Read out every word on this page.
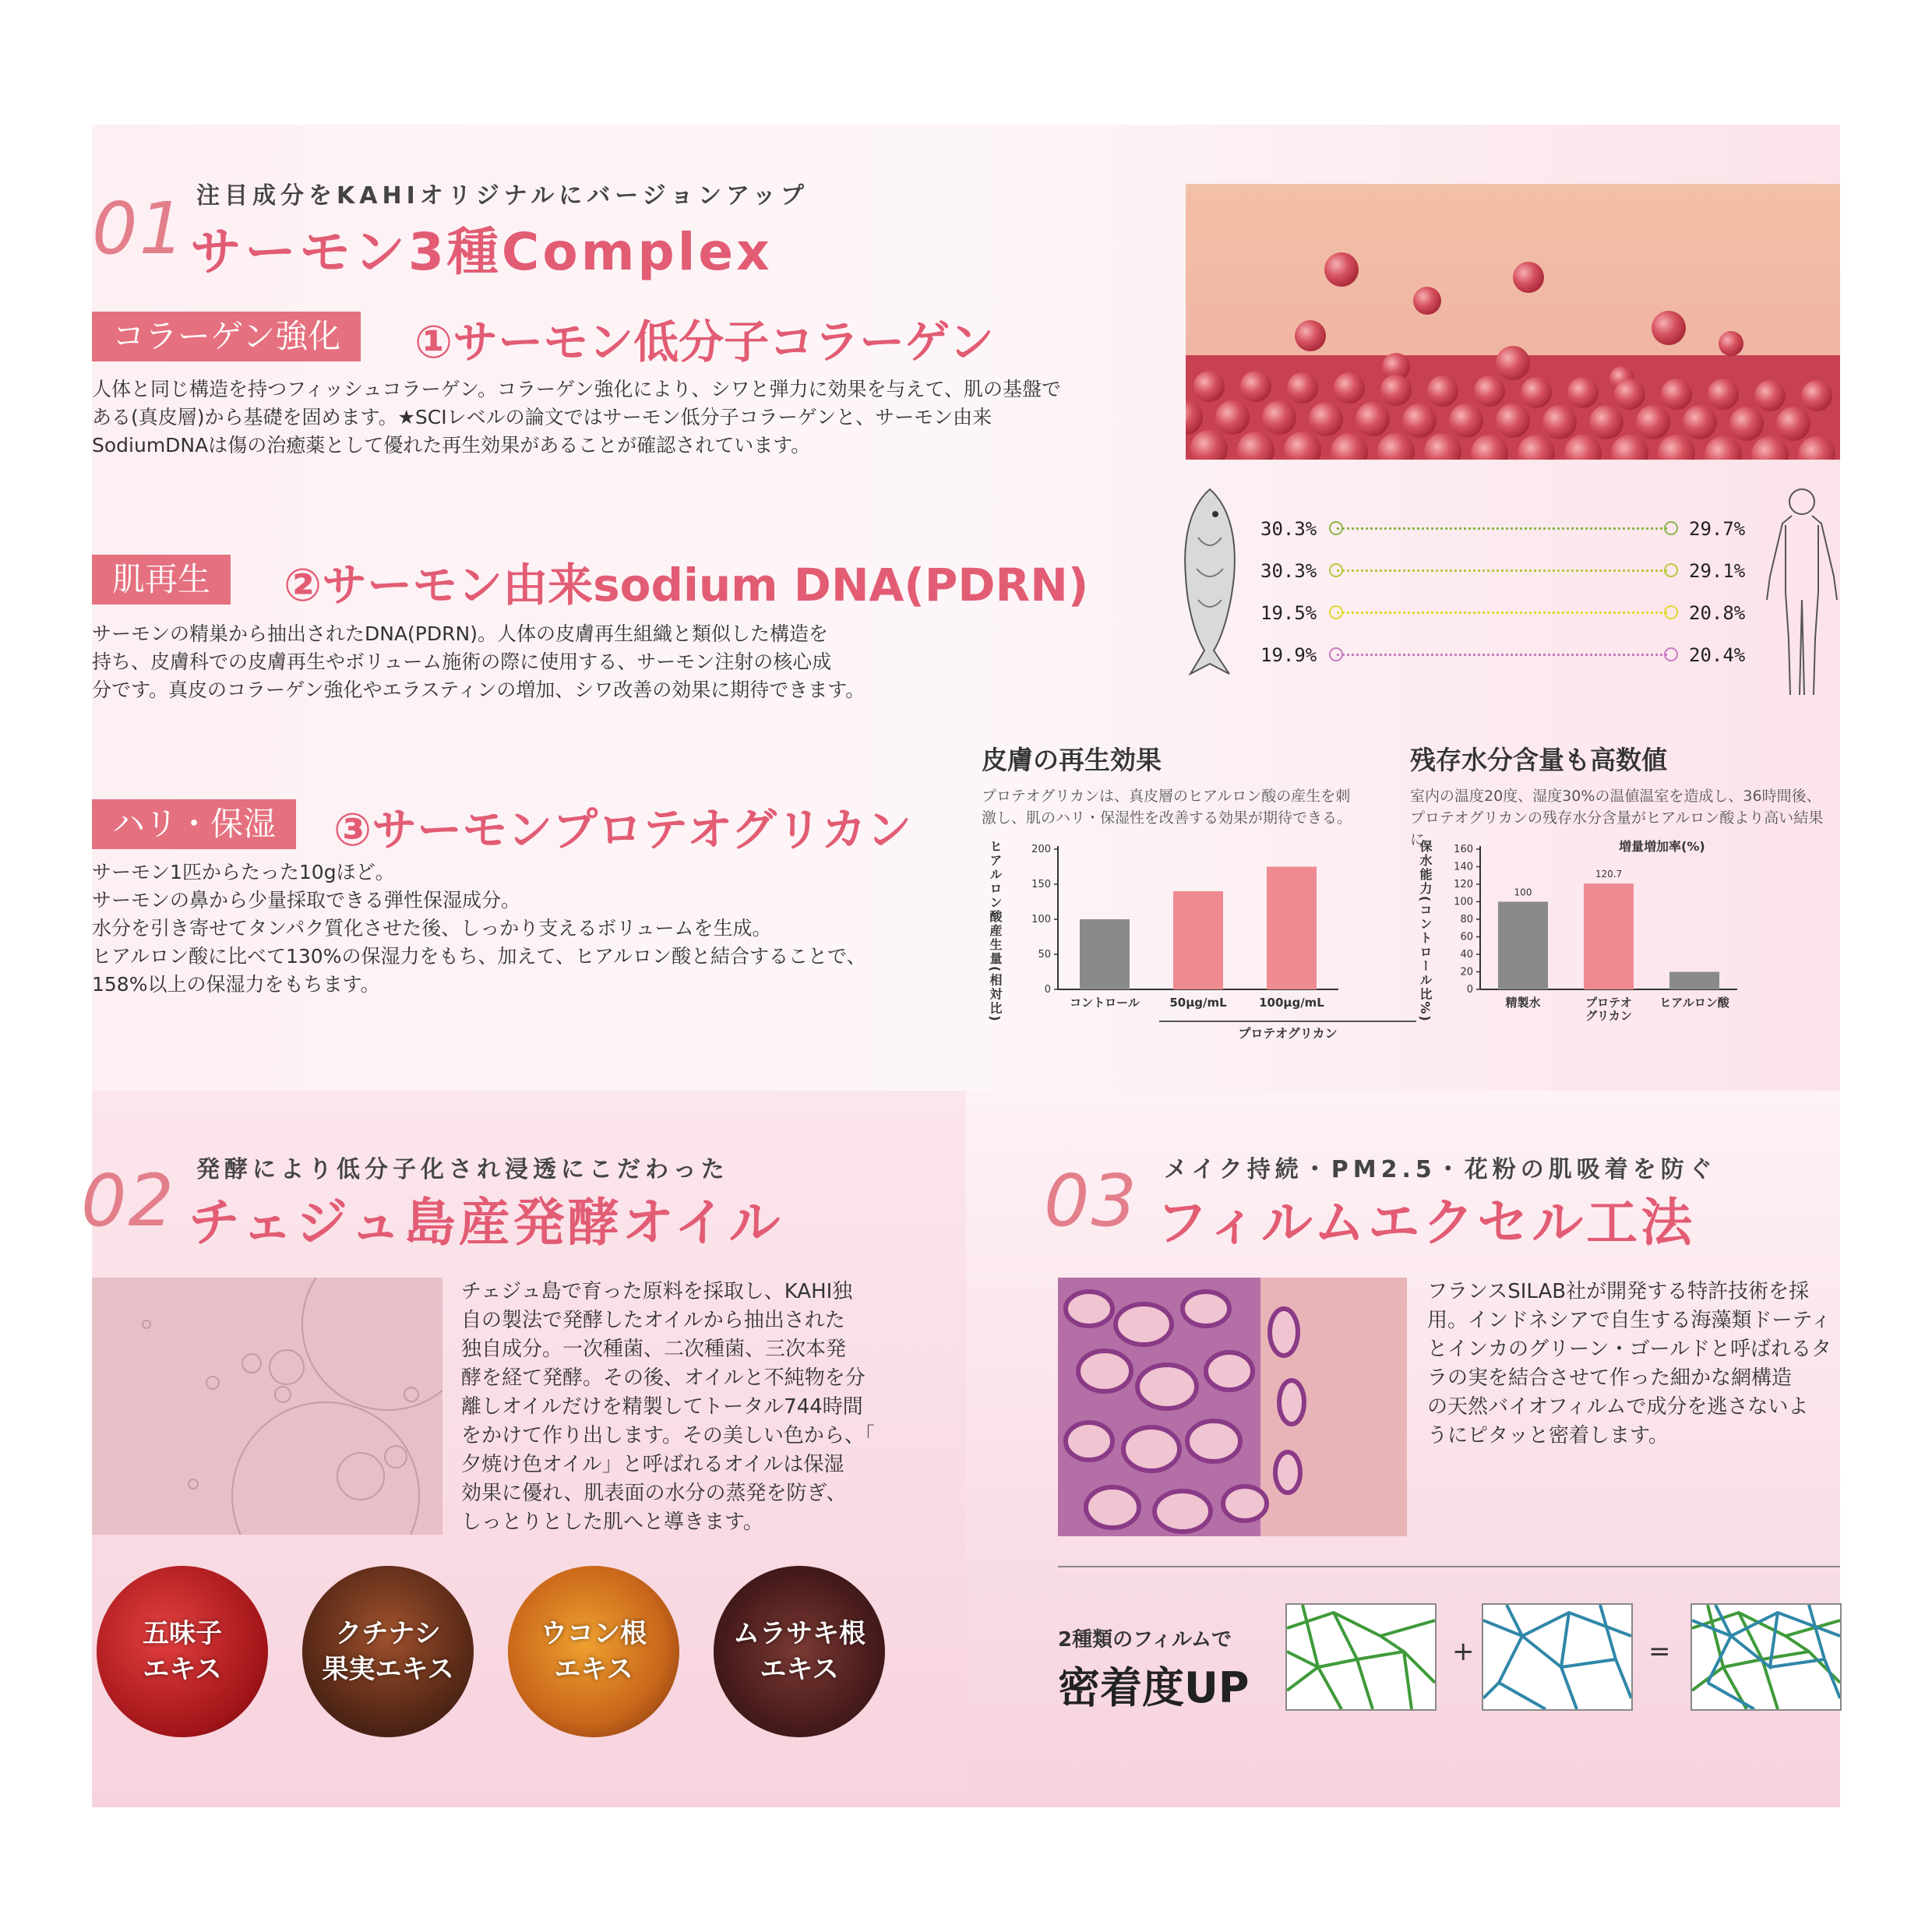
01 注目成分をKAHIオリジナルにバージョンアップ
サーモン3種Complex
コラーゲン強化	①サーモン低分子コラーゲン
人体と同じ構造を持つフィッシュコラーゲン。コラーゲン強化により、シワと弾力に効果を与えて、肌の基盤で
ある(真皮層)から基礎を固めます。★SCIレベルの論文ではサーモン低分子コラーゲンと、サーモン由来
SodiumDNAは傷の治癒薬として優れた再生効果があることが確認されています。
肌再生	②サーモン由来sodium DNA(PDRN)
サーモンの精巣から抽出されたDNA(PDRN)。人体の皮膚再生組織と類似した構造を
持ち、皮膚科での皮膚再生やボリューム施術の際に使用する、サーモン注射の核心成
分です。真皮のコラーゲン強化やエラスティンの増加、シワ改善の効果に期待できます。
ハリ・保湿	③サーモンプロテオグリカン
サーモン1匹からたった10gほど。
サーモンの鼻から少量採取できる弾性保湿成分。
水分を引き寄せてタンパク質化させた後、しっかり支えるボリュームを生成。
ヒアルロン酸に比べて130%の保湿力をもち、加えて、ヒアルロン酸と結合することで、
158%以上の保湿力をもちます。
30.3%	29.7%
30.3%	29.1%
19.5%	20.8%
19.9%	20.4%
皮膚の再生効果
プロテオグリカンは、真皮層のヒアルロン酸の産生を刺
激し、肌のハリ・保湿性を改善する効果が期待できる。
ヒアルロン酸産生量(相対比)	0
50
100
150
200
コントロール	50μg/mL	100μg/mL
プロテオグリカン
残存水分含量も高数値
室内の温度20度、湿度30%の温値温室を造成し、36時間後、
プロテオグリカンの残存水分含量がヒアルロン酸より高い結果に。
保水能力(コントロール比%)	増量増加率(%)
0
20
40
60
80
100
120
140
160
100
精製水
120.7
プロテオ
グリカン
ヒアルロン酸
02 発酵により低分子化され浸透にこだわった
チェジュ島産発酵オイル
チェジュ島で育った原料を採取し、KAHI独
自の製法で発酵したオイルから抽出された
独自成分。一次種菌、二次種菌、三次本発
酵を経て発酵。その後、オイルと不純物を分
離しオイルだけを精製してトータル744時間
をかけて作り出します。その美しい色から、「
夕焼け色オイル」と呼ばれるオイルは保湿
効果に優れ、肌表面の水分の蒸発を防ぎ、
しっとりとした肌へと導きます。
五味子
エキス
クチナシ
果実エキス
ウコン根
エキス
ムラサキ根
エキス
03 メイク持続・PM2.5・花粉の肌吸着を防ぐ
フィルムエクセル工法
フランスSILAB社が開発する特許技術を採
用。インドネシアで自生する海藻類ドーティ
とインカのグリーン・ゴールドと呼ばれるタ
ラの実を結合させて作った細かな網構造
の天然バイオフィルムで成分を逃さないよ
うにピタッと密着します。
2種類のフィルムで
密着度UP
+	=
